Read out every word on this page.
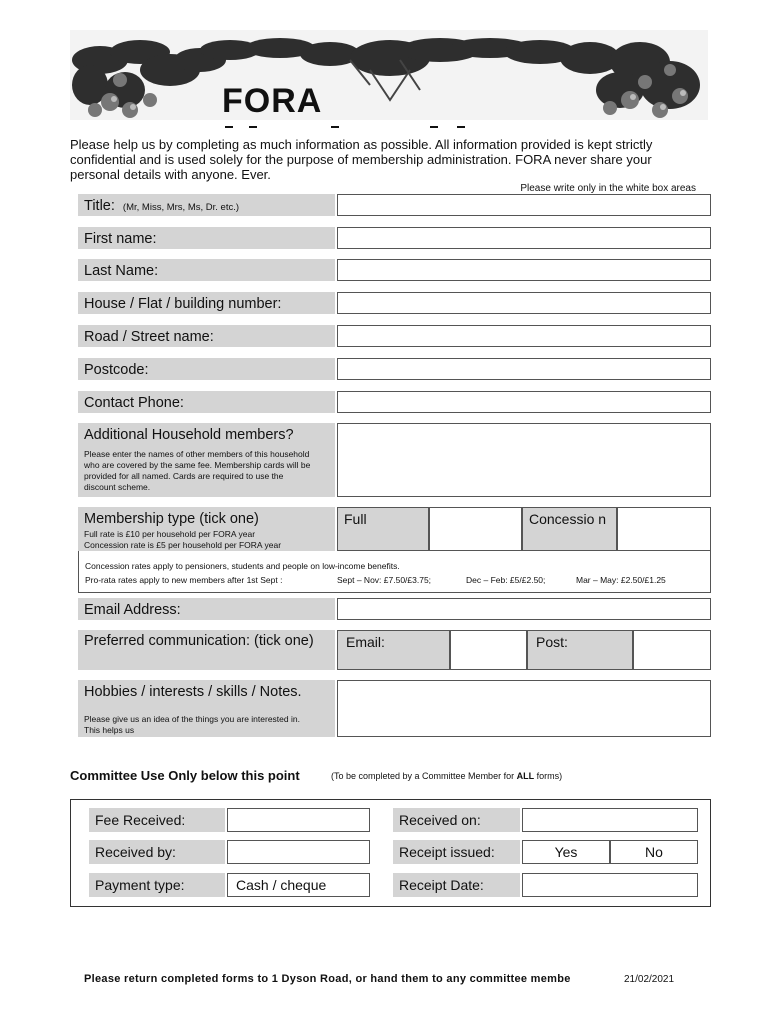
FORA
Please help us by completing as much information as possible. All information provided is kept strictly confidential and is used solely for the purpose of membership administration. FORA never share your personal details with anyone. Ever.
Please write only in the white box areas
Title: (Mr, Miss, Mrs, Ms, Dr. etc.)
First name:
Last Name:
House / Flat / building number:
Road / Street name:
Postcode:
Contact Phone:
Additional Household members?
Please enter the names of other members of this household who are covered by the same fee. Membership cards will be provided for all named. Cards are required to use the discount scheme.
Membership type (tick one)
Full rate is £10 per household per FORA year
Concession rate is £5 per household per FORA year
Full	Concessio n
Concession rates apply to pensioners, students and people on low-income benefits.
Pro-rata rates apply to new members after 1st Sept :	Sept – Nov: £7.50/£3.75;	Dec – Feb: £5/£2.50;	Mar – May: £2.50/£1.25
Email Address:
Preferred communication: (tick one)	Email:	Post:
Hobbies / interests / skills / Notes.
Please give us an idea of the things you are interested in. This helps us
Committee Use Only below this point	(To be completed by a Committee Member for ALL forms)
Fee Received:	Received on:
Received by:	Receipt issued:	Yes	No
Payment type:	Cash / cheque	Receipt Date:
Please return completed forms to 1 Dyson Road, or hand them to any committee membe	21/02/2021
